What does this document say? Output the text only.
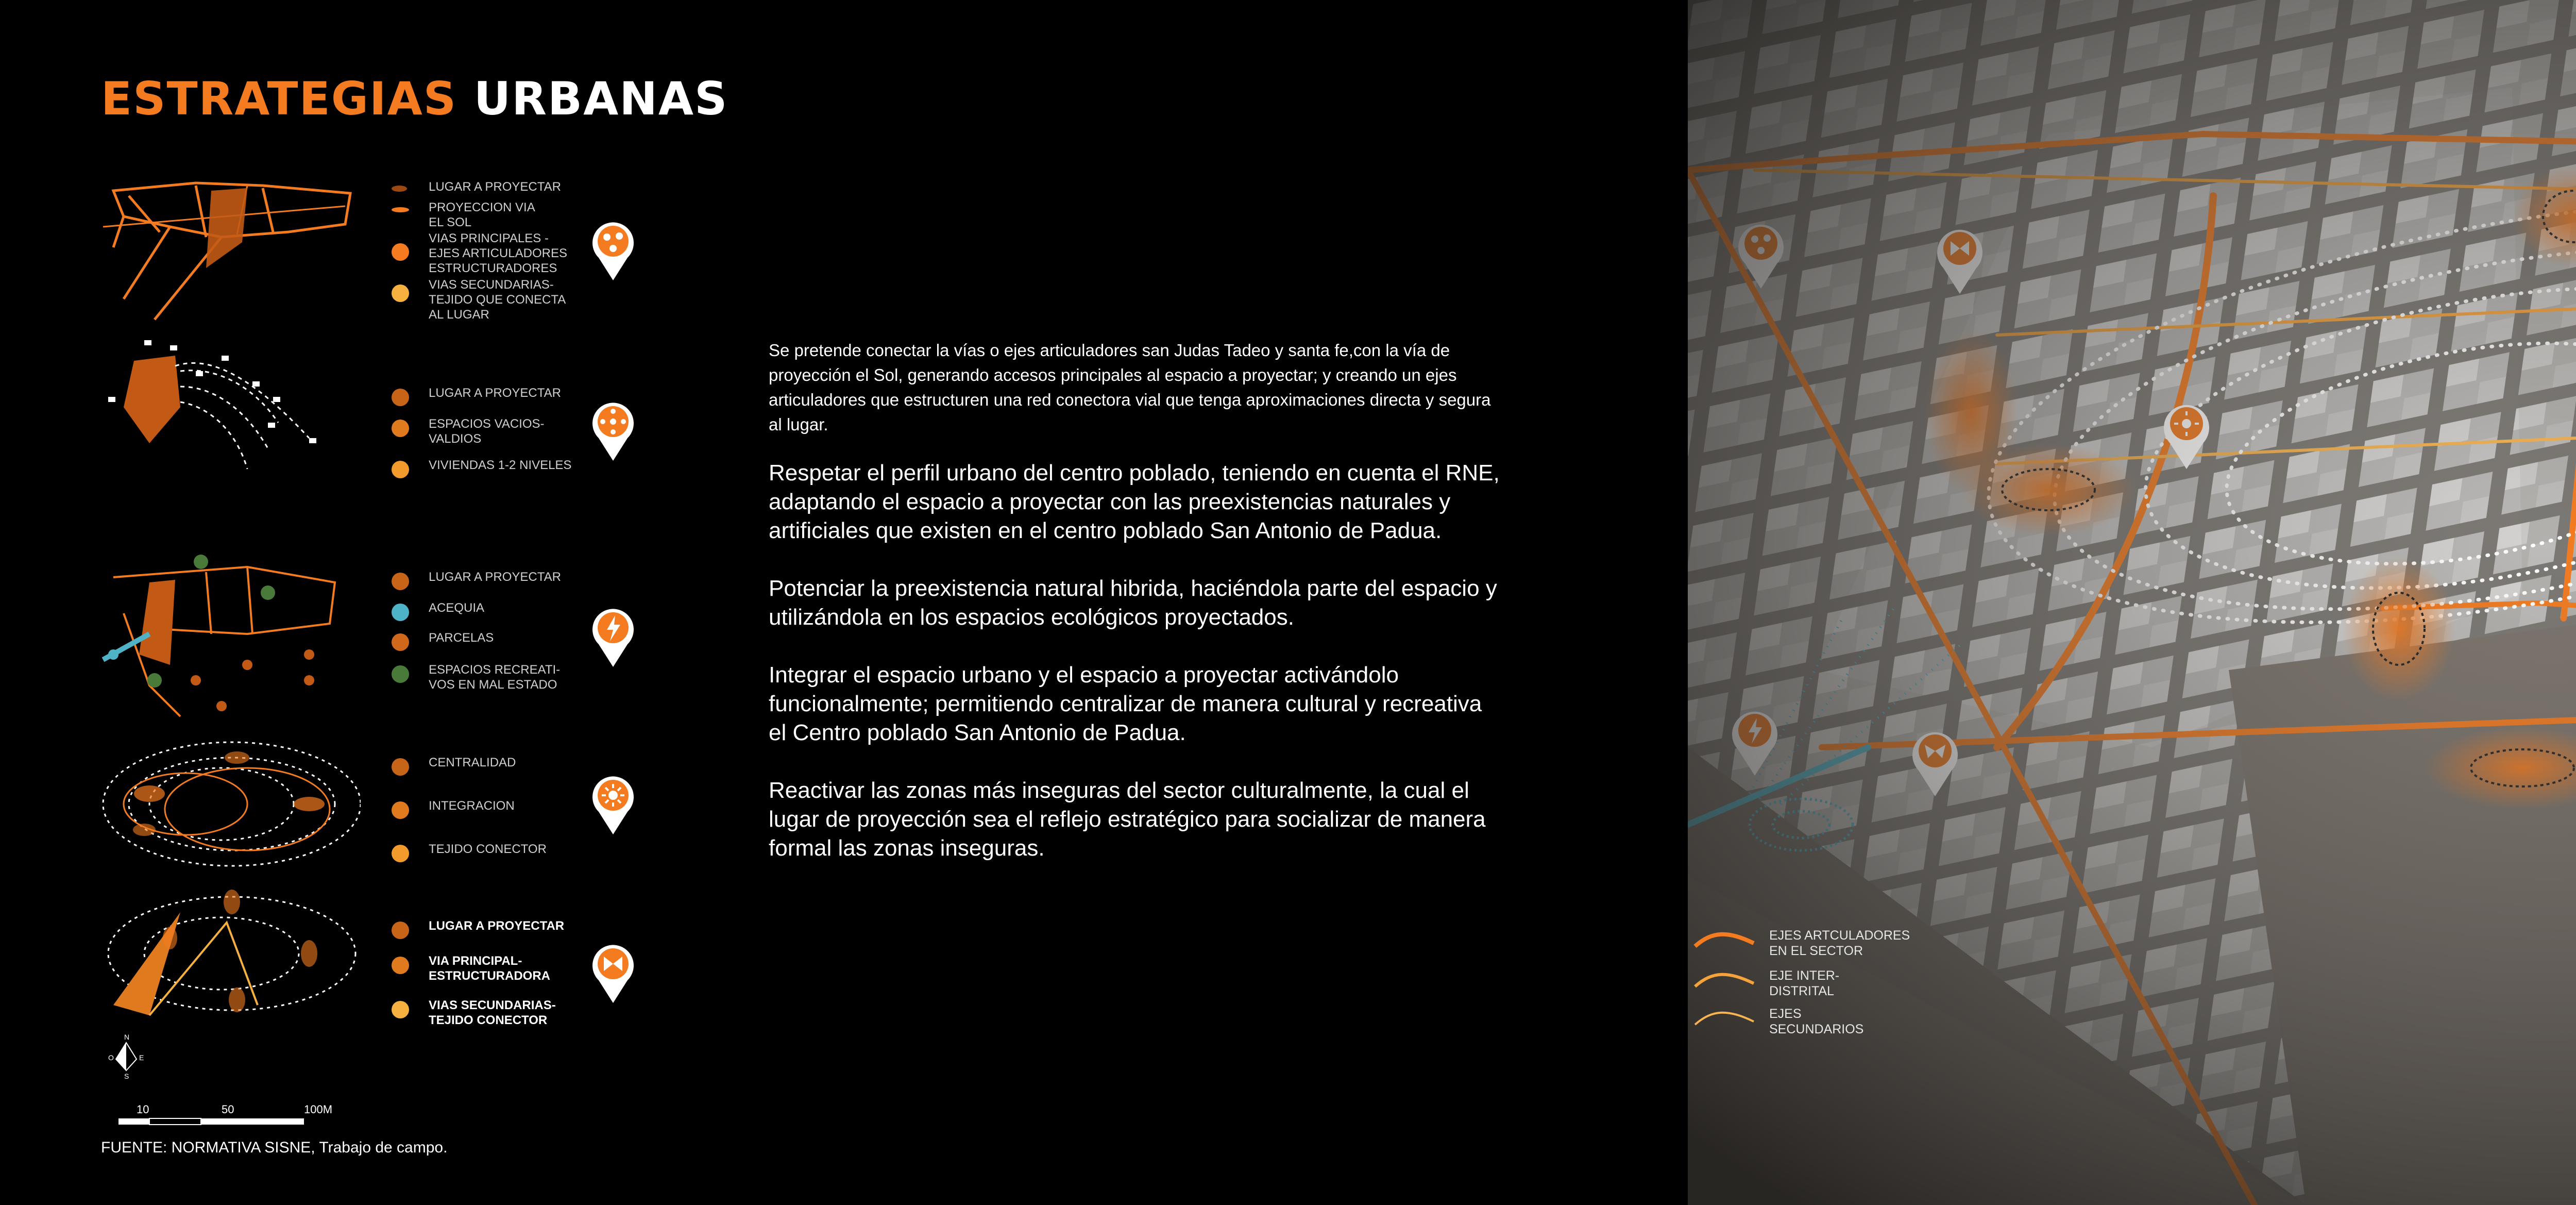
ESTRATEGIAS URBANAS
LUGAR A PROYECTAR
PROYECCION VIA
EL SOL
VIAS PRINCIPALES -
EJES ARTICULADORES
ESTRUCTURADORES
VIAS SECUNDARIAS-
TEJIDO QUE CONECTA
AL LUGAR
LUGAR A PROYECTAR
ESPACIOS VACIOS-
VALDIOS
VIVIENDAS 1-2 NIVELES
LUGAR A PROYECTAR
ACEQUIA
PARCELAS
ESPACIOS RECREATI-
VOS EN MAL ESTADO
CENTRALIDAD
INTEGRACION
TEJIDO CONECTOR
LUGAR A PROYECTAR
VIA PRINCIPAL-
ESTRUCTURADORA
VIAS SECUNDARIAS-
TEJIDO CONECTOR
N
E
S
O
10	50	100M

Se pretende conectar la vías o ejes articuladores san Judas Tadeo y santa fe,con la vía de proyección el Sol, generando accesos principales al espacio a proyectar; y creando un ejes articuladores que estructuren una red conectora vial que tenga aproximaciones directa y segura al lugar.

Respetar el perfil urbano del centro poblado, teniendo en cuenta el RNE, adaptando el espacio a proyectar con las preexistencias naturales y artificiales que existen en el centro poblado San Antonio de Padua.

Potenciar la preexistencia natural hibrida, haciéndola parte del espacio y utilizándola en los espacios ecológicos proyectados.

Integrar el espacio urbano y el espacio a proyectar activándolo funcionalmente; permitiendo centralizar de manera cultural y recreativa el Centro poblado San Antonio de Padua.

Reactivar las zonas más inseguras del sector culturalmente, la cual el lugar de proyección sea el reflejo estratégico para socializar de manera formal las zonas inseguras.

FUENTE: NORMATIVA SISNE, Trabajo de campo.
EJES ARTCULADORES
EN EL SECTOR
EJE INTER-
DISTRITAL
EJES
SECUNDARIOS
